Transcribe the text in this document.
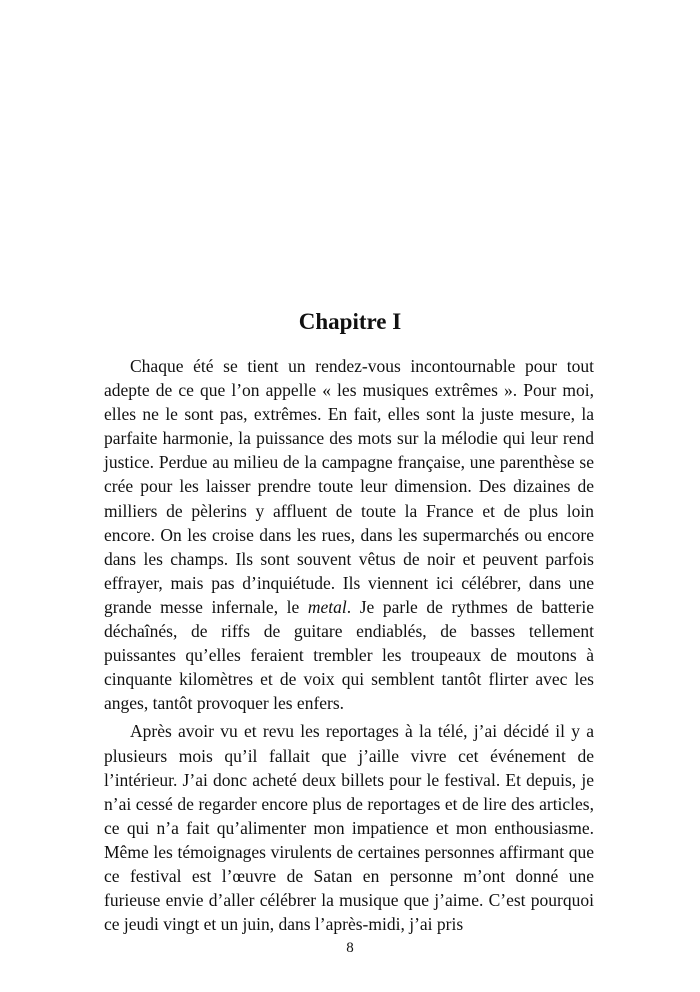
Chapitre I

Chaque été se tient un rendez-vous incontournable pour tout adepte de ce que l’on appelle « les musiques extrêmes ». Pour moi, elles ne le sont pas, extrêmes. En fait, elles sont la juste mesure, la parfaite harmonie, la puissance des mots sur la mélodie qui leur rend justice. Perdue au milieu de la campagne française, une parenthèse se crée pour les laisser prendre toute leur dimension. Des dizaines de milliers de pèlerins y affluent de toute la France et de plus loin encore. On les croise dans les rues, dans les supermarchés ou encore dans les champs. Ils sont souvent vêtus de noir et peuvent parfois effrayer, mais pas d’inquiétude. Ils viennent ici célébrer, dans une grande messe infernale, le metal. Je parle de rythmes de batterie déchaînés, de riffs de guitare endiablés, de basses tellement puissantes qu’elles feraient trembler les troupeaux de moutons à cinquante kilomètres et de voix qui semblent tantôt flirter avec les anges, tantôt provoquer les enfers.

Après avoir vu et revu les reportages à la télé, j’ai décidé il y a plusieurs mois qu’il fallait que j’aille vivre cet événement de l’intérieur. J’ai donc acheté deux billets pour le festival. Et depuis, je n’ai cessé de regarder encore plus de reportages et de lire des articles, ce qui n’a fait qu’alimenter mon impatience et mon enthousiasme. Même les témoignages virulents de certaines personnes affirmant que ce festival est l’œuvre de Satan en personne m’ont donné une furieuse envie d’aller célébrer la musique que j’aime. C’est pourquoi ce jeudi vingt et un juin, dans l’après-midi, j’ai pris

8
